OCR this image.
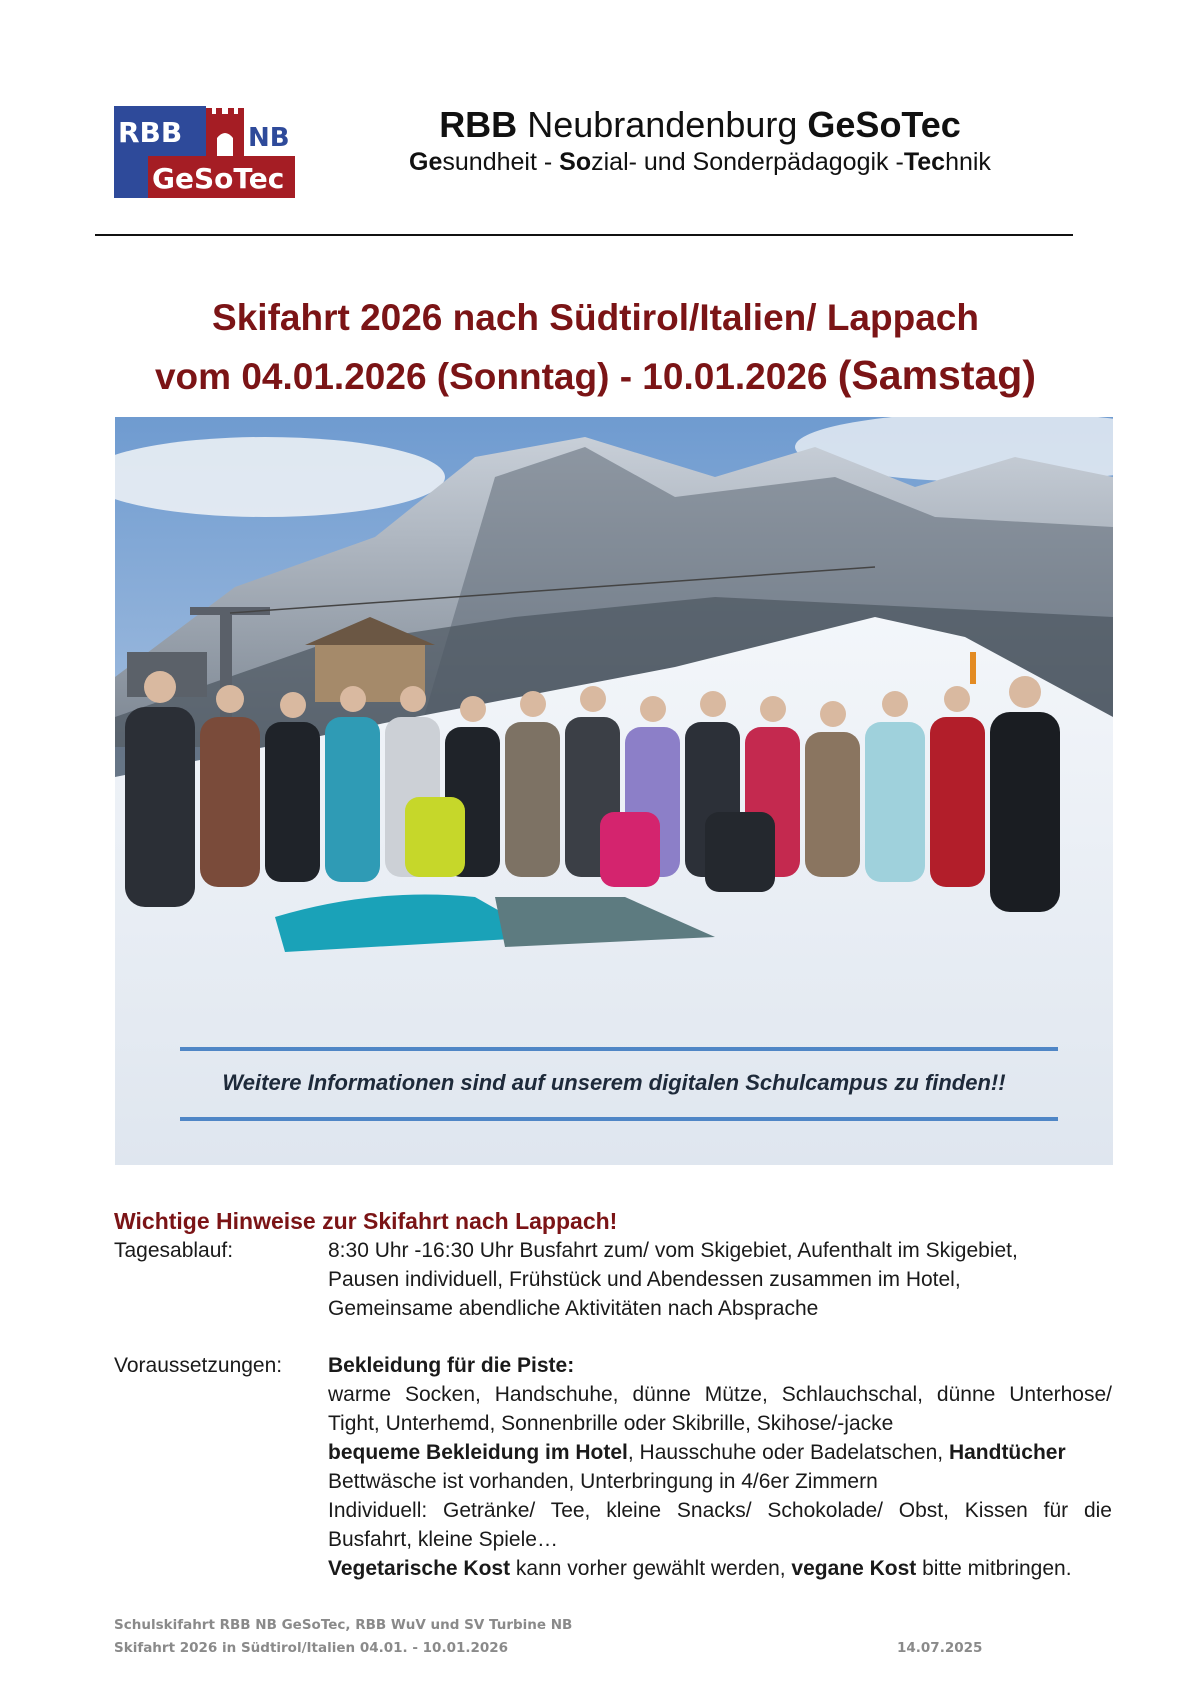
RBB	NB
GeSoTec
RBB Neubrandenburg GeSoTec
Gesundheit - Sozial- und Sonderpädagogik -Technik
Skifahrt 2026 nach Südtirol/Italien/ Lappach
vom 04.01.2026 (Sonntag) - 10.01.2026 (Samstag)
Weitere Informationen sind auf unserem digitalen Schulcampus zu finden!!
Wichtige Hinweise zur Skifahrt nach Lappach!
Tagesablauf:	8:30 Uhr -16:30 Uhr Busfahrt zum/ vom Skigebiet, Aufenthalt im Skigebiet,
Pausen individuell, Frühstück und Abendessen zusammen im Hotel,
Gemeinsame abendliche Aktivitäten nach Absprache
Voraussetzungen: Bekleidung für die Piste:
warme Socken, Handschuhe, dünne Mütze, Schlauchschal, dünne Unterhose/
Tight, Unterhemd, Sonnenbrille oder Skibrille, Skihose/-jacke
bequeme Bekleidung im Hotel, Hausschuhe oder Badelatschen, Handtücher
Bettwäsche ist vorhanden, Unterbringung in 4/6er Zimmern
Individuell: Getränke/ Tee, kleine Snacks/ Schokolade/ Obst, Kissen für die
Busfahrt, kleine Spiele…
Vegetarische Kost kann vorher gewählt werden, vegane Kost bitte mitbringen.
Schulskifahrt RBB NB GeSoTec, RBB WuV und SV Turbine NB
Skifahrt 2026 in Südtirol/Italien 04.01. - 10.01.2026	14.07.2025
